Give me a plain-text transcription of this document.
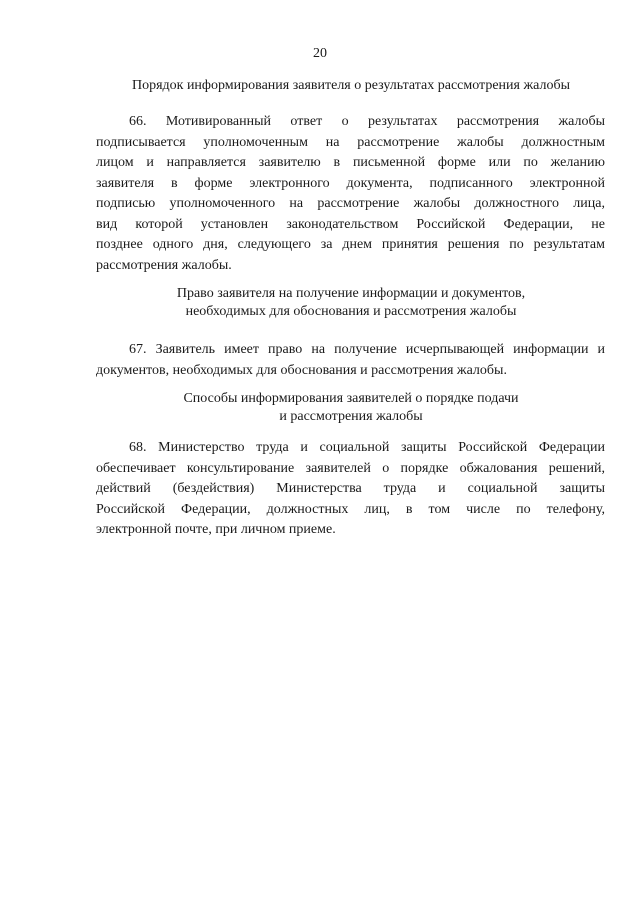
20
Порядок информирования заявителя о результатах рассмотрения жалобы
66. Мотивированный ответ о результатах рассмотрения жалобы
подписывается уполномоченным на рассмотрение жалобы должностным
лицом и направляется заявителю в письменной форме или по желанию
заявителя в форме электронного документа, подписанного электронной
подписью уполномоченного на рассмотрение жалобы должностного лица,
вид которой установлен законодательством Российской Федерации, не
позднее одного дня, следующего за днем принятия решения по результатам
рассмотрения жалобы.
Право заявителя на получение информации и документов,
необходимых для обоснования и рассмотрения жалобы
67. Заявитель имеет право на получение исчерпывающей информации и
документов, необходимых для обоснования и рассмотрения жалобы.
Способы информирования заявителей о порядке подачи
и рассмотрения жалобы
68. Министерство труда и социальной защиты Российской Федерации
обеспечивает консультирование заявителей о порядке обжалования решений,
действий (бездействия) Министерства труда и социальной защиты
Российской Федерации, должностных лиц, в том числе по телефону,
электронной почте, при личном приеме.
